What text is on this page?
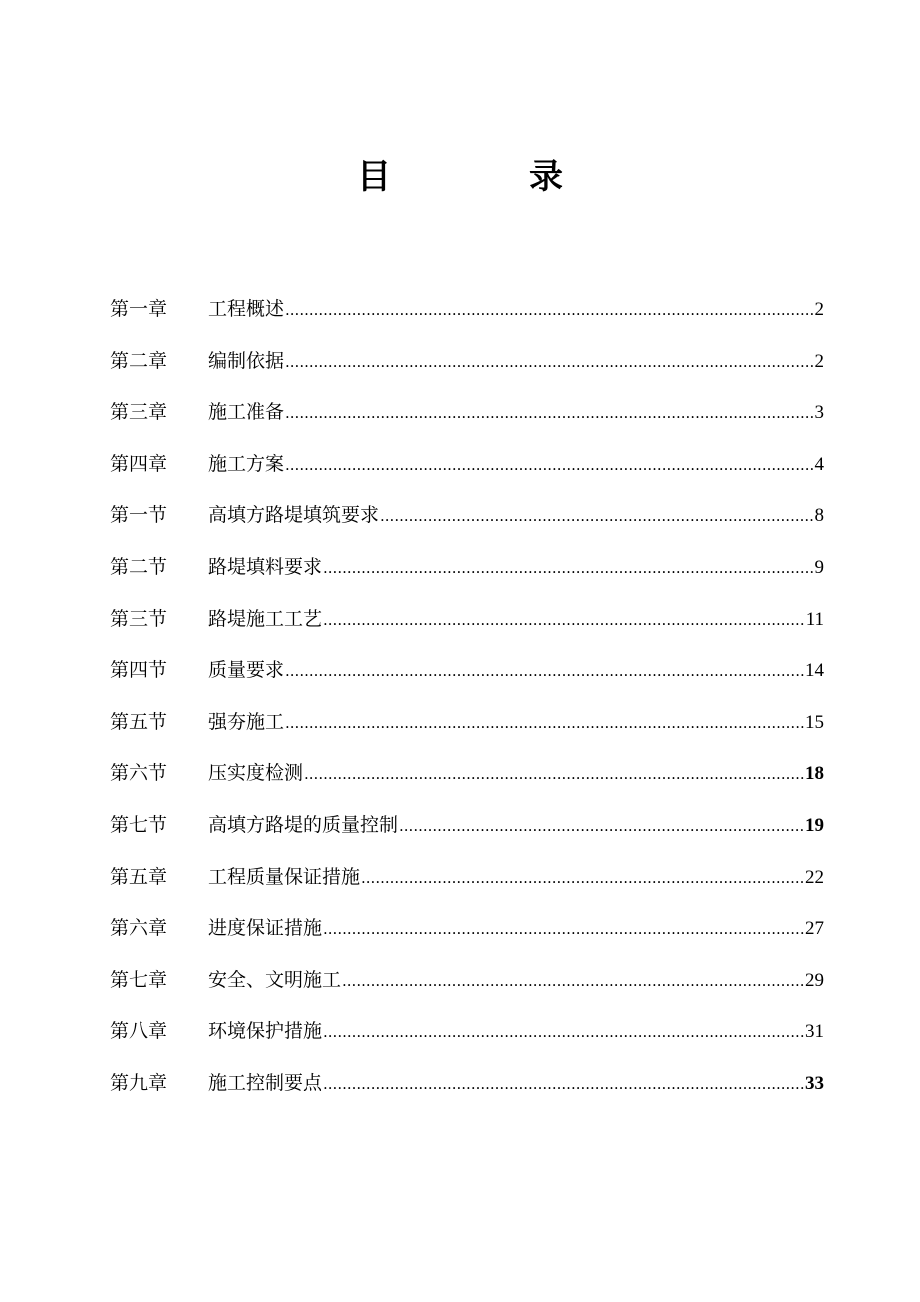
目　录
第一章	工程概述 .....	2
第二章	编制依据 .....	2
第三章	施工准备 .....	3
第四章	施工方案 .....	4
第一节	高填方路堤填筑要求 .....	8
第二节	路堤填料要求 .....	9
第三节	路堤施工工艺 .....	11
第四节	质量要求 .....	14
第五节	强夯施工 .....	15
第六节	压实度检测 .....	18
第七节	高填方路堤的质量控制 .....	19
第五章	工程质量保证措施 .....	22
第六章	进度保证措施 .....	27
第七章	安全、文明施工 .....	29
第八章	环境保护措施 .....	31
第九章	施工控制要点 .....	33
